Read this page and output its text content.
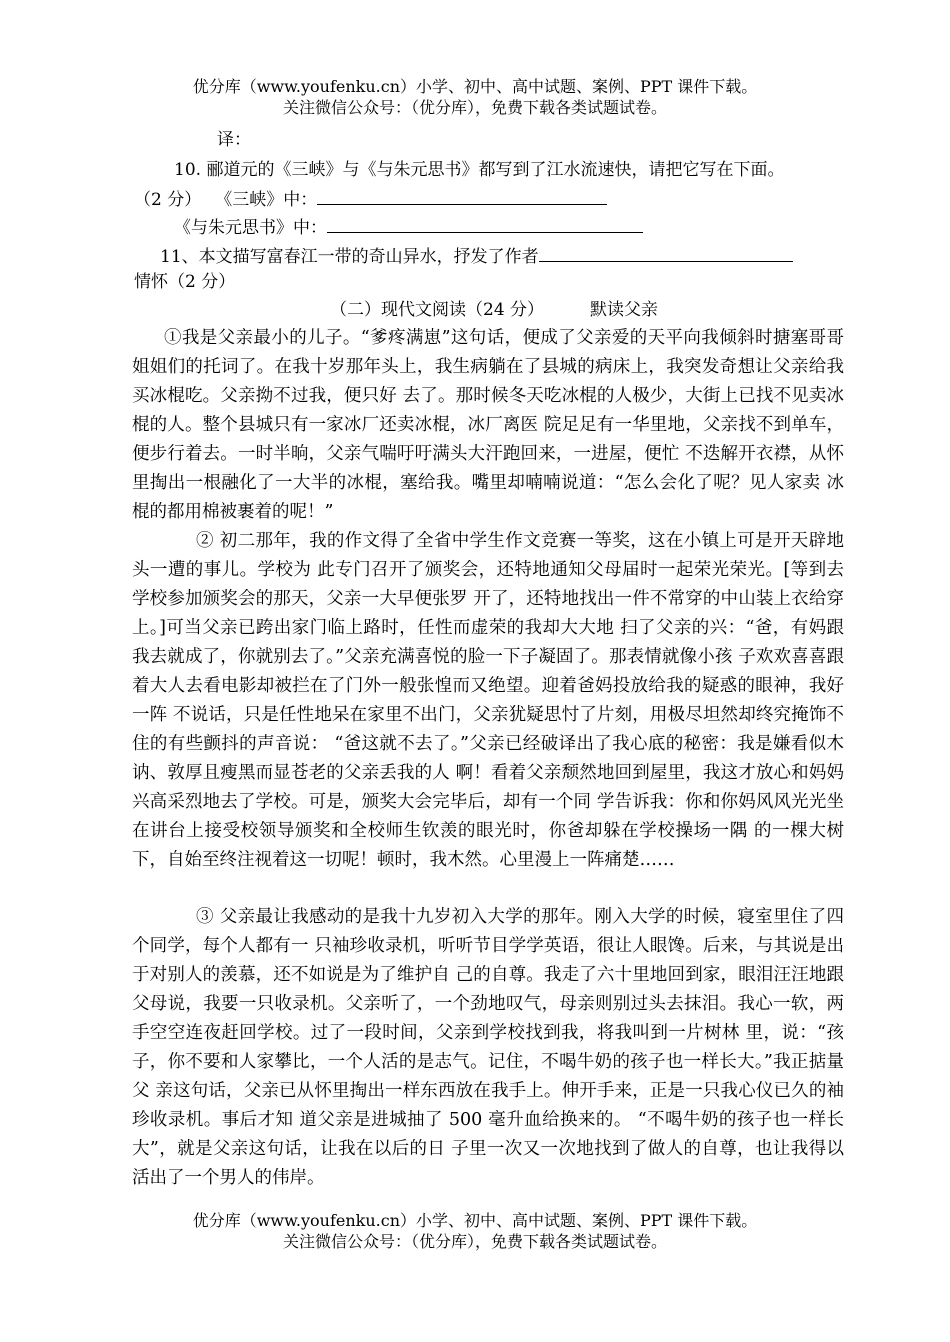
优分库（www.youfenku.cn）小学、初中、高中试题、案例、PPT 课件下载。
关注微信公众号：（优分库），免费下载各类试题试卷。
译：
10. 郦道元的《三峡》与《与朱元思书》都写到了江水流速快，请把它写在下面。
（2 分） 《三峡》中：
《与朱元思书》中：
11、本文描写富春江一带的奇山异水，抒发了作者
情怀（2 分）
（二）现代文阅读（24 分）	默读父亲
①我是父亲最小的儿子。“爹疼满崽”这句话，便成了父亲爱的天平向我倾斜时搪塞哥哥姐姐们的托词了。在我十岁那年头上，我生病躺在了县城的病床上，我突发奇想让父亲给我买冰棍吃。父亲拗不过我，便只好 去了。那时候冬天吃冰棍的人极少，大街上已找不见卖冰棍的人。整个县城只有一家冰厂还卖冰棍，冰厂离医 院足足有一华里地，父亲找不到单车，便步行着去。一时半晌，父亲气喘吁吁满头大汗跑回来，一进屋，便忙 不迭解开衣襟，从怀里掏出一根融化了一大半的冰棍，塞给我。嘴里却喃喃说道：“怎么会化了呢？见人家卖 冰棍的都用棉被裹着的呢！”
② 初二那年，我的作文得了全省中学生作文竞赛一等奖，这在小镇上可是开天辟地头一遭的事儿。学校为 此专门召开了颁奖会，还特地通知父母届时一起荣光荣光。[等到去学校参加颁奖会的那天，父亲一大早便张罗 开了，还特地找出一件不常穿的中山装上衣给穿上。]可当父亲已跨出家门临上路时，任性而虚荣的我却大大地 扫了父亲的兴：“爸，有妈跟我去就成了，你就别去了。”父亲充满喜悦的脸一下子凝固了。那表情就像小孩 子欢欢喜喜跟着大人去看电影却被拦在了门外一般张惶而又绝望。迎着爸妈投放给我的疑惑的眼神，我好一阵 不说话，只是任性地呆在家里不出门，父亲犹疑思忖了片刻，用极尽坦然却终究掩饰不住的有些颤抖的声音说： “爸这就不去了。”父亲已经破译出了我心底的秘密：我是嫌看似木讷、敦厚且瘦黑而显苍老的父亲丢我的人 啊！看着父亲颓然地回到屋里，我这才放心和妈妈兴高采烈地去了学校。可是，颁奖大会完毕后，却有一个同 学告诉我：你和你妈风风光光坐在讲台上接受校领导颁奖和全校师生钦羡的眼光时，你爸却躲在学校操场一隅 的一棵大树下，自始至终注视着这一切呢！顿时，我木然。心里漫上一阵痛楚……
③ 父亲最让我感动的是我十九岁初入大学的那年。刚入大学的时候，寝室里住了四个同学，每个人都有一 只袖珍收录机，听听节目学学英语，很让人眼馋。后来，与其说是出于对别人的羡慕，还不如说是为了维护自 己的自尊。我走了六十里地回到家，眼泪汪汪地跟父母说，我要一只收录机。父亲听了，一个劲地叹气，母亲则别过头去抹泪。我心一软，两手空空连夜赶回学校。过了一段时间，父亲到学校找到我，将我叫到一片树林 里，说：“孩子，你不要和人家攀比，一个人活的是志气。记住，不喝牛奶的孩子也一样长大。”我正掂量父 亲这句话，父亲已从怀里掏出一样东西放在我手上。伸开手来，正是一只我心仪已久的袖珍收录机。事后才知 道父亲是进城抽了 500 毫升血给换来的。 “不喝牛奶的孩子也一样长大”，就是父亲这句话，让我在以后的日 子里一次又一次地找到了做人的自尊，也让我得以活出了一个男人的伟岸。
优分库（www.youfenku.cn）小学、初中、高中试题、案例、PPT 课件下载。
关注微信公众号：（优分库），免费下载各类试题试卷。
